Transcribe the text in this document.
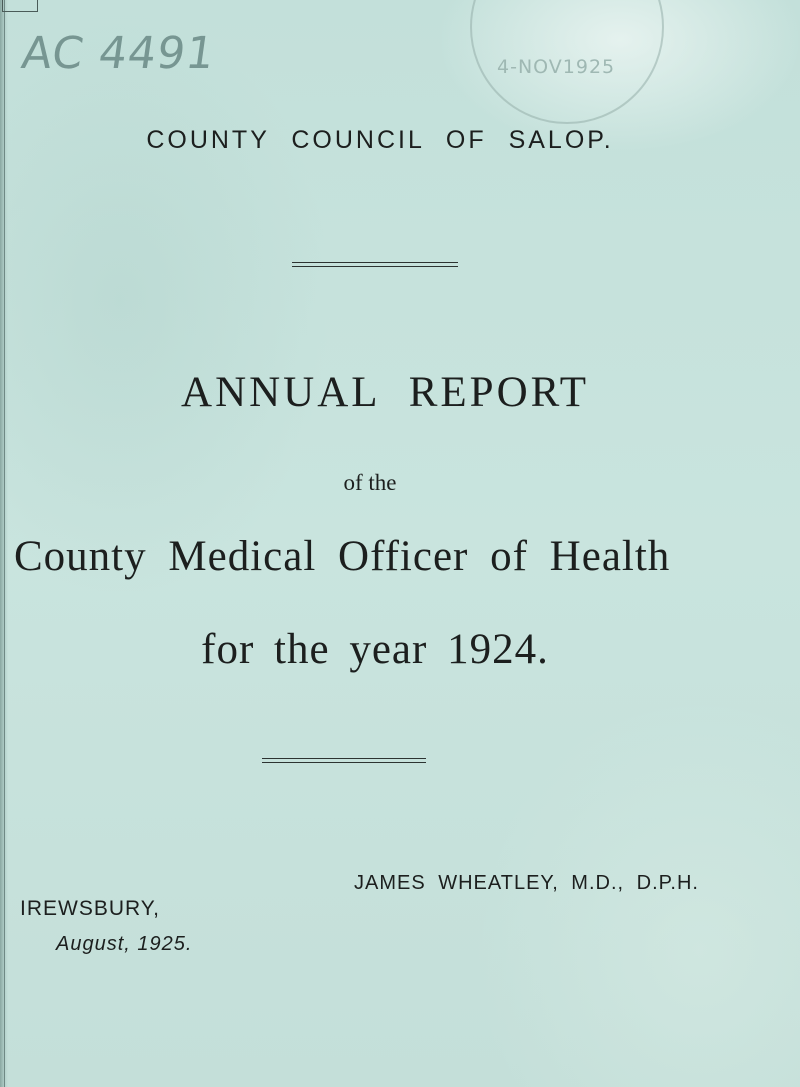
AC 4491	4-NOV1925
COUNTY COUNCIL OF SALOP.
ANNUAL REPORT
of the
County Medical Officer of Health
for the year 1924.
JAMES WHEATLEY, M.D., D.P.H.
IREWSBURY,
August, 1925.
